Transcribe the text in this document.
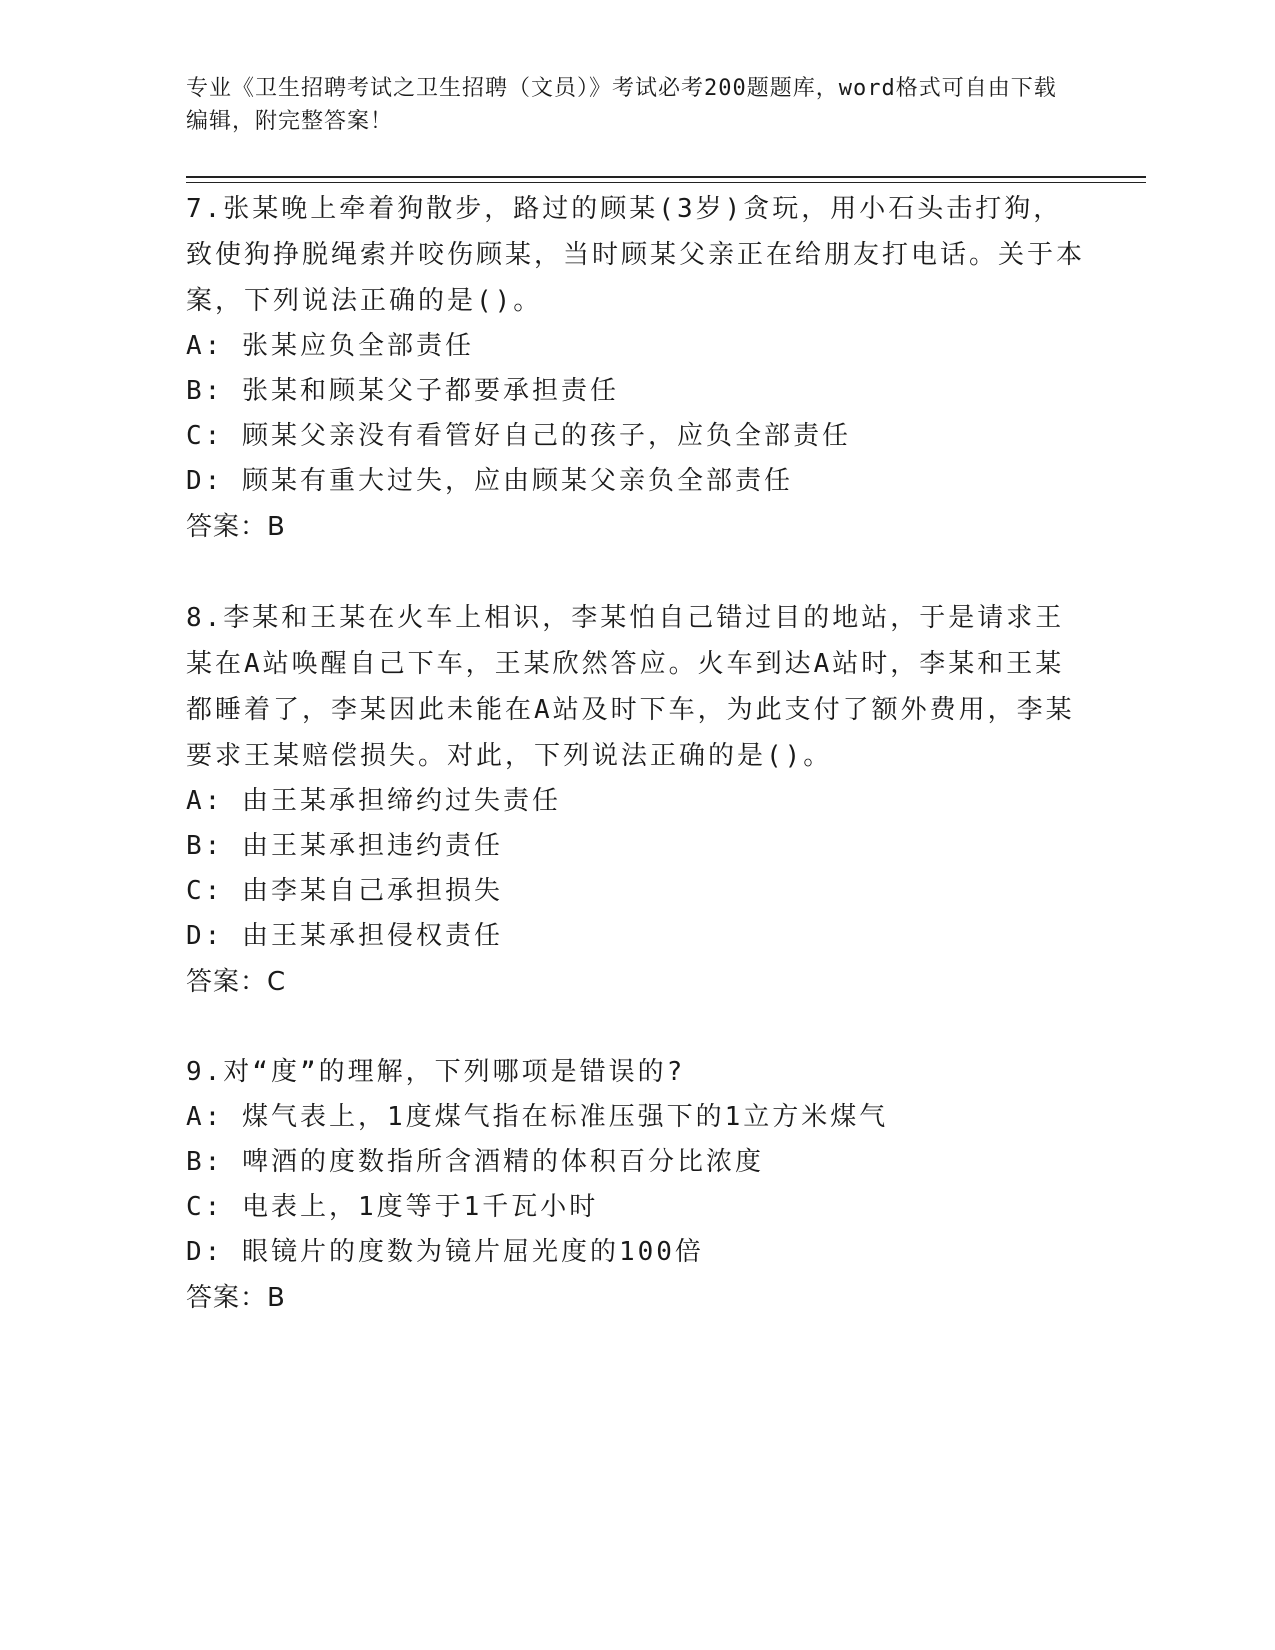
专业《卫生招聘考试之卫生招聘（文员）》考试必考200题题库，word格式可自由下载编辑，附完整答案！
7.张某晚上牵着狗散步，路过的顾某(3岁)贪玩，用小石头击打狗，致使狗挣脱绳索并咬伤顾某，当时顾某父亲正在给朋友打电话。关于本案，下列说法正确的是()。
A: 张某应负全部责任
B: 张某和顾某父子都要承担责任
C: 顾某父亲没有看管好自己的孩子，应负全部责任
D: 顾某有重大过失，应由顾某父亲负全部责任
答案：B
8.李某和王某在火车上相识，李某怕自己错过目的地站，于是请求王某在A站唤醒自己下车，王某欣然答应。火车到达A站时，李某和王某都睡着了，李某因此未能在A站及时下车，为此支付了额外费用，李某要求王某赔偿损失。对此，下列说法正确的是()。
A: 由王某承担缔约过失责任
B: 由王某承担违约责任
C: 由李某自己承担损失
D: 由王某承担侵权责任
答案：C
9.对“度”的理解，下列哪项是错误的?
A: 煤气表上，1度煤气指在标准压强下的1立方米煤气
B: 啤酒的度数指所含酒精的体积百分比浓度
C: 电表上，1度等于1千瓦小时
D: 眼镜片的度数为镜片屈光度的100倍
答案：B
